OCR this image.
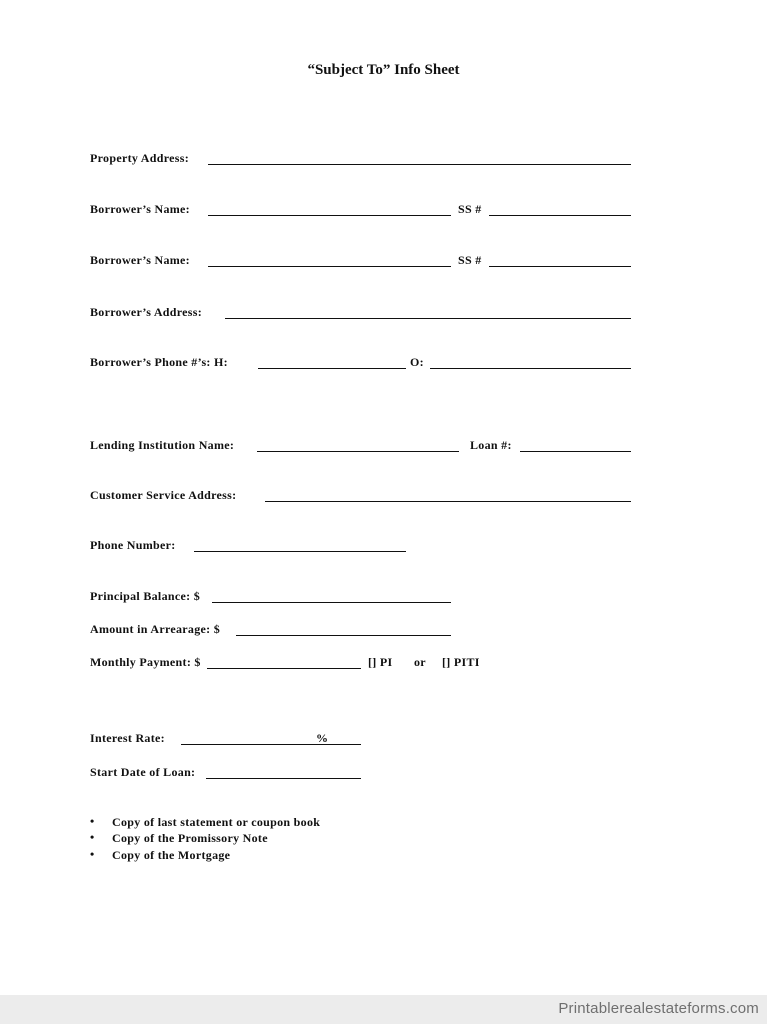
“Subject To” Info Sheet
Property Address:
Borrower’s Name:	SS #
Borrower’s Name:	SS #
Borrower’s Address:
Borrower’s Phone #’s: H:	O:
Lending Institution Name:	Loan #:
Customer Service Address:
Phone Number:
Principal Balance: $
Amount in Arrearage: $
Monthly Payment: $	[] PI or [] PITI
Interest Rate:	%
Start Date of Loan:
• Copy of last statement or coupon book
• Copy of the Promissory Note
• Copy of the Mortgage
Printablerealestateforms.com
